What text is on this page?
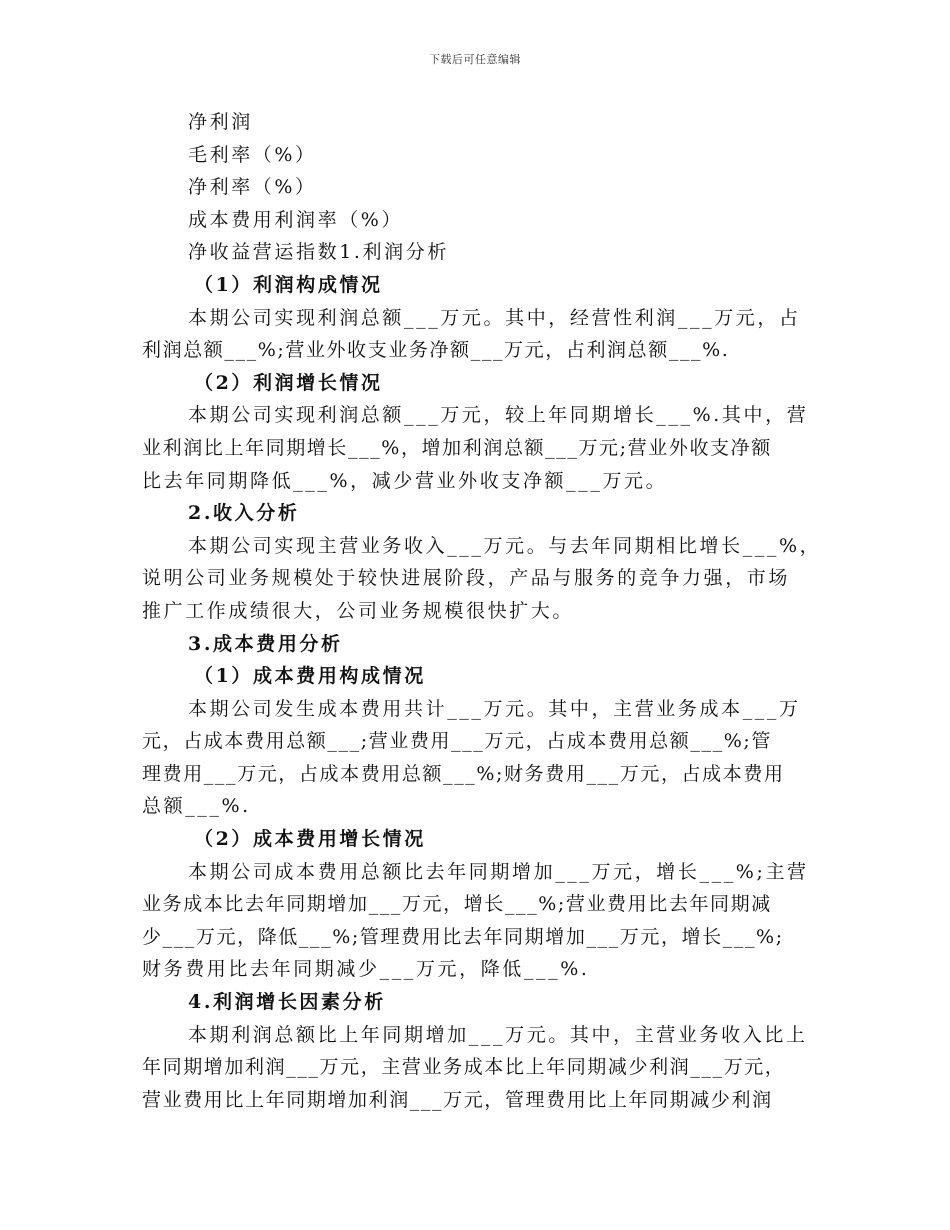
下载后可任意编辑
净利润
毛利率（%）
净利率（%）
成本费用利润率（%）
净收益营运指数1.利润分析
（1）利润构成情况
本期公司实现利润总额___万元。其中，经营性利润___万元，占
利润总额___%;营业外收支业务净额___万元，占利润总额___%.
（2）利润增长情况
本期公司实现利润总额___万元，较上年同期增长___%.其中，营
业利润比上年同期增长___%，增加利润总额___万元;营业外收支净额
比去年同期降低___%，减少营业外收支净额___万元。
2.收入分析
本期公司实现主营业务收入___万元。与去年同期相比增长___%，
说明公司业务规模处于较快进展阶段，产品与服务的竞争力强，市场
推广工作成绩很大，公司业务规模很快扩大。
3.成本费用分析
（1）成本费用构成情况
本期公司发生成本费用共计___万元。其中，主营业务成本___万
元，占成本费用总额___;营业费用___万元，占成本费用总额___%;管
理费用___万元，占成本费用总额___%;财务费用___万元，占成本费用
总额___%.
（2）成本费用增长情况
本期公司成本费用总额比去年同期增加___万元，增长___%;主营
业务成本比去年同期增加___万元，增长___%;营业费用比去年同期减
少___万元，降低___%;管理费用比去年同期增加___万元，增长___%;
财务费用比去年同期减少___万元，降低___%.
4.利润增长因素分析
本期利润总额比上年同期增加___万元。其中，主营业务收入比上
年同期增加利润___万元，主营业务成本比上年同期减少利润___万元，
营业费用比上年同期增加利润___万元，管理费用比上年同期减少利润
